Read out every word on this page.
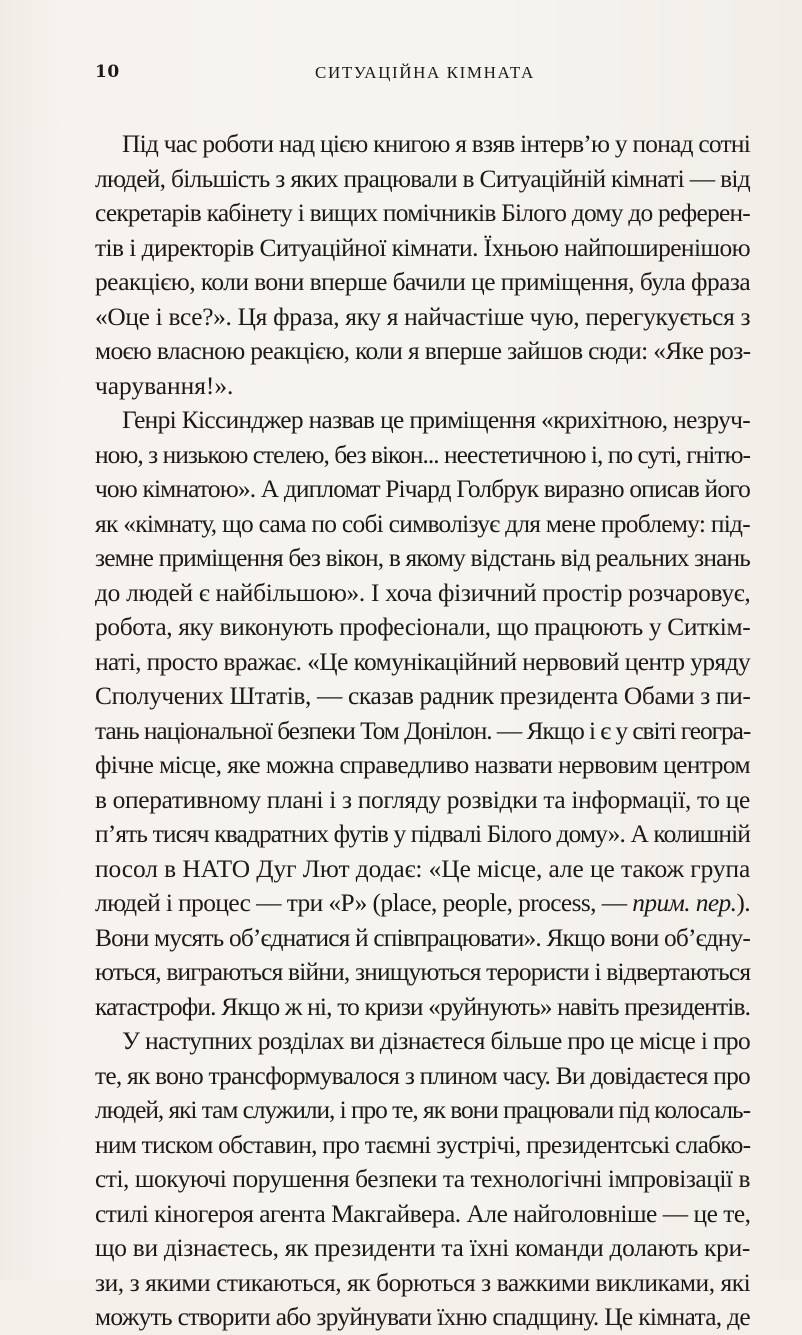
10	СИТУАЦІЙНА КІМНАТА
Під час роботи над цією книгою я взяв інтерв’ю у понад сотні
людей, більшість з яких працювали в Ситуаційній кімнаті — від
секретарів кабінету і вищих помічників Білого дому до референ-
тів і директорів Ситуаційної кімнати. Їхньою найпоширенішою
реакцією, коли вони вперше бачили це приміщення, була фраза
«Оце і все?». Ця фраза, яку я найчастіше чую, перегукується з
моєю власною реакцією, коли я вперше зайшов сюди: «Яке роз-
чарування!».
Генрі Кіссинджер назвав це приміщення «крихітною, незруч-
ною, з низькою стелею, без вікон... неестетичною і, по суті, гнітю-
чою кімнатою». А дипломат Річард Голбрук виразно описав його
як «кімнату, що сама по собі символізує для мене проблему: під-
земне приміщення без вікон, в якому відстань від реальних знань
до людей є найбільшою». І хоча фізичний простір розчаровує,
робота, яку виконують професіонали, що працюють у Ситкім-
наті, просто вражає. «Це комунікаційний нервовий центр уряду
Сполучених Штатів, — сказав радник президента Обами з пи-
тань національної безпеки Том Донілон. — Якщо і є у світі геогра-
фічне місце, яке можна справедливо назвати нервовим центром
в оперативному плані і з погляду розвідки та інформації, то це
п’ять тисяч квадратних футів у підвалі Білого дому». А колишній
посол в НАТО Дуг Лют додає: «Це місце, але це також група
людей і процес — три «Р» (place, people, process, — прим. пер.).
Вони мусять об’єднатися й співпрацювати». Якщо вони об’єдну-
ються, виграються війни, знищуються терористи і відвертаються
катастрофи. Якщо ж ні, то кризи «руйнують» навіть президентів.
У наступних розділах ви дізнаєтеся більше про це місце і про
те, як воно трансформувалося з плином часу. Ви довідаєтеся про
людей, які там служили, і про те, як вони працювали під колосаль-
ним тиском обставин, про таємні зустрічі, президентські слабко-
сті, шокуючі порушення безпеки та технологічні імпровізації в
стилі кіногероя агента Макгайвера. Але найголовніше — це те,
що ви дізнаєтесь, як президенти та їхні команди долають кри-
зи, з якими стикаються, як борються з важкими викликами, які
можуть створити або зруйнувати їхню спадщину. Це кімната, де
